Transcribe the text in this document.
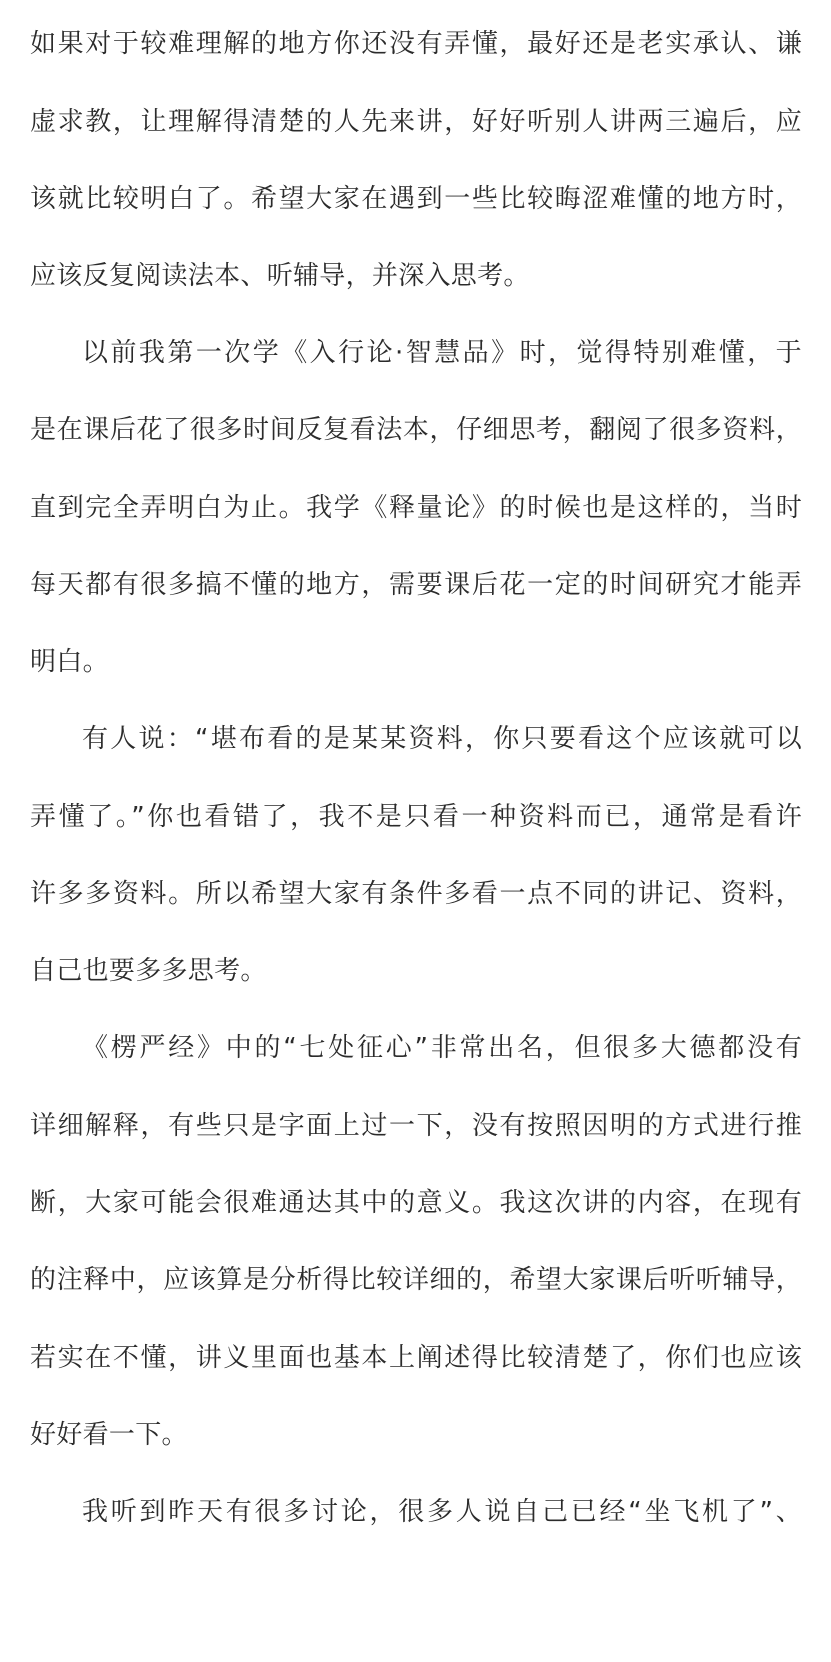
如果对于较难理解的地方你还没有弄懂，最好还是老实承认、谦
虚求教，让理解得清楚的人先来讲，好好听别人讲两三遍后，应
该就比较明白了。希望大家在遇到一些比较晦涩难懂的地方时，
应该反复阅读法本、听辅导，并深入思考。
以前我第一次学《入行论·智慧品》时，觉得特别难懂，于
是在课后花了很多时间反复看法本，仔细思考，翻阅了很多资料，
直到完全弄明白为止。我学《释量论》的时候也是这样的，当时
每天都有很多搞不懂的地方，需要课后花一定的时间研究才能弄
明白。
有人说：“堪布看的是某某资料，你只要看这个应该就可以
弄懂了。”你也看错了，我不是只看一种资料而已，通常是看许
许多多资料。所以希望大家有条件多看一点不同的讲记、资料，
自己也要多多思考。
《楞严经》中的“七处征心”非常出名，但很多大德都没有
详细解释，有些只是字面上过一下，没有按照因明的方式进行推
断，大家可能会很难通达其中的意义。我这次讲的内容，在现有
的注释中，应该算是分析得比较详细的，希望大家课后听听辅导，
若实在不懂，讲义里面也基本上阐述得比较清楚了，你们也应该
好好看一下。
我听到昨天有很多讨论，很多人说自己已经“坐飞机了”、
